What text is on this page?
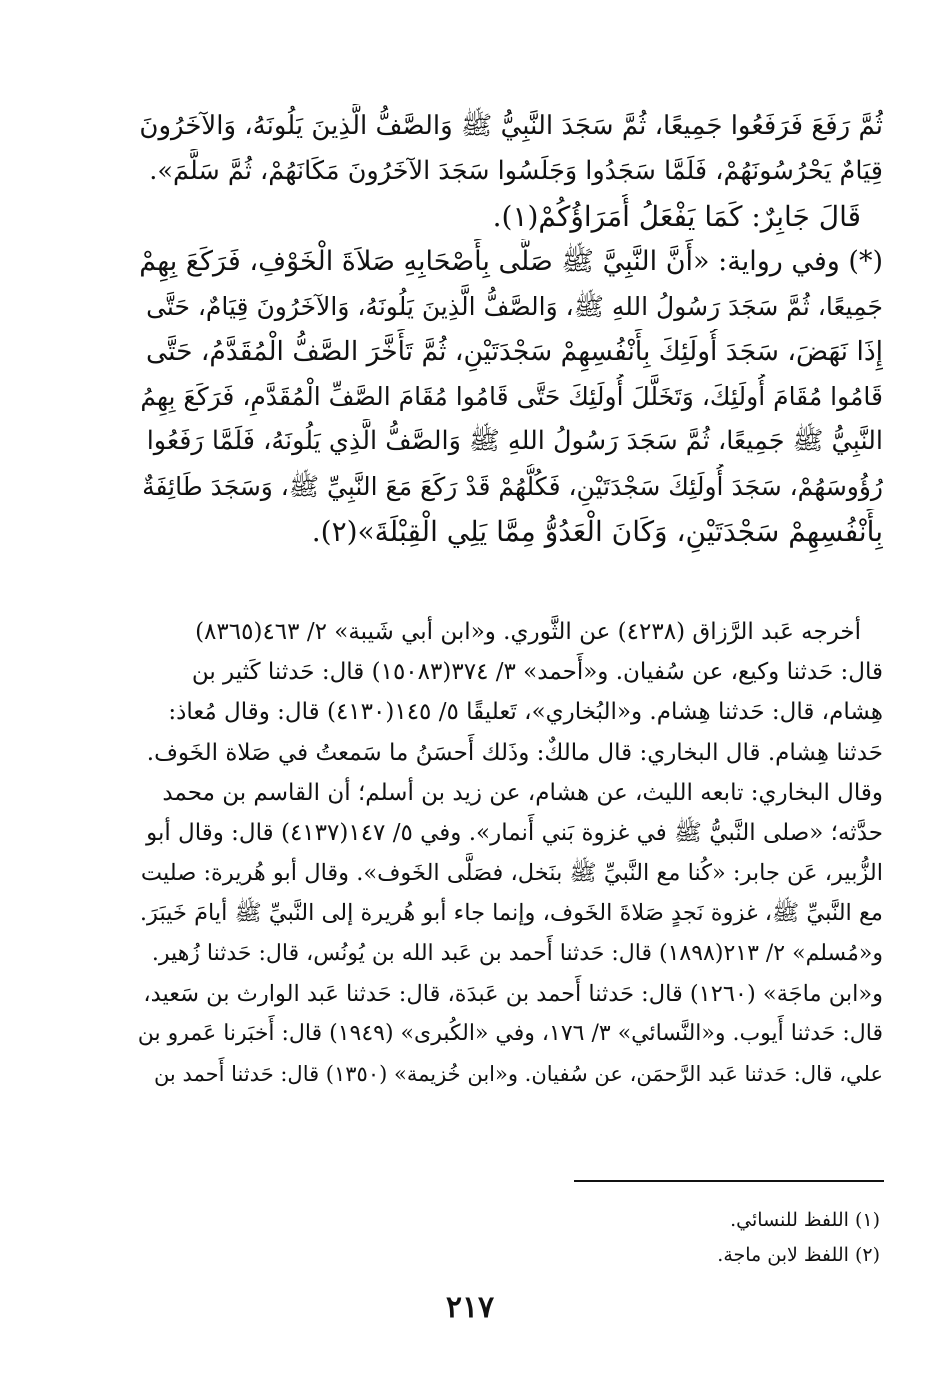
ثُمَّ رَفَعَ فَرَفَعُوا جَمِيعًا، ثُمَّ سَجَدَ النَّبِيُّ ﷺ وَالصَّفُّ الَّذِينَ يَلُونَهُ، وَالآخَرُونَ
قِيَامٌ يَحْرُسُونَهُمْ، فَلَمَّا سَجَدُوا وَجَلَسُوا سَجَدَ الآخَرُونَ مَكَانَهُمْ، ثُمَّ سَلَّمَ».
قَالَ جَابِرٌ: كَمَا يَفْعَلُ أُمَرَاؤُكُمْ(١).
(*) وفي رواية: «أَنَّ النَّبِيَّ ﷺ صَلَّى بِأَصْحَابِهِ صَلاَةَ الْخَوْفِ، فَرَكَعَ بِهِمْ
جَمِيعًا، ثُمَّ سَجَدَ رَسُولُ اللهِ ﷺ، وَالصَّفُّ الَّذِينَ يَلُونَهُ، وَالآخَرُونَ قِيَامٌ، حَتَّى
إِذَا نَهَضَ، سَجَدَ أُولَئِكَ بِأَنْفُسِهِمْ سَجْدَتَيْنِ، ثُمَّ تَأَخَّرَ الصَّفُّ الْمُقَدَّمُ، حَتَّى
قَامُوا مُقَامَ أُولَئِكَ، وَتَخَلَّلَ أُولَئِكَ حَتَّى قَامُوا مُقَامَ الصَّفِّ الْمُقَدَّمِ، فَرَكَعَ بِهِمُ
النَّبِيُّ ﷺ جَمِيعًا، ثُمَّ سَجَدَ رَسُولُ اللهِ ﷺ وَالصَّفُّ الَّذِي يَلُونَهُ، فَلَمَّا رَفَعُوا
رُؤُوسَهُمْ، سَجَدَ أُولَئِكَ سَجْدَتَيْنِ، فَكُلُّهُمْ قَدْ رَكَعَ مَعَ النَّبِيِّ ﷺ، وَسَجَدَ طَائِفَةٌ
بِأَنْفُسِهِمْ سَجْدَتَيْنِ، وَكَانَ الْعَدُوُّ مِمَّا يَلِي الْقِبْلَةَ»(٢).
أخرجه عَبد الرَّزاق (٤٢٣٨) عن الثَّوري. و«ابن أبي شَيبة» ٢/ ٤٦٣(٨٣٦٥)
قال: حَدثنا وكيع، عن سُفيان. و«أَحمد» ٣/ ٣٧٤(١٥٠٨٣) قال: حَدثنا كَثير بن
هِشام، قال: حَدثنا هِشام. و«البُخاري»، تَعليقًا ٥/ ١٤٥(٤١٣٠) قال: وقال مُعاذ:
حَدثنا هِشام. قال البخاري: قال مالكٌ: وذَلك أَحسَنُ ما سَمعتُ في صَلاة الخَوف.
وقال البخاري: تابعه الليث، عن هشام، عن زيد بن أسلم؛ أن القاسم بن محمد
حدَّثه؛ «صلى النَّبيُّ ﷺ في غزوة بَني أَنمار». وفي ٥/ ١٤٧(٤١٣٧) قال: وقال أبو
الزُّبير، عَن جابر: «كُنا مع النَّبيِّ ﷺ بنَخل، فصَلَّى الخَوف». وقال أبو هُريرة: صليت
مع النَّبيِّ ﷺ، غزوة نَجدٍ صَلاةَ الخَوف، وإنما جاء أبو هُريرة إلى النَّبيِّ ﷺ أيامَ خَيبَرَ.
و«مُسلم» ٢/ ٢١٣(١٨٩٨) قال: حَدثنا أَحمد بن عَبد الله بن يُونُس، قال: حَدثنا زُهير.
و«ابن ماجَة» (١٢٦٠) قال: حَدثنا أَحمد بن عَبدَة، قال: حَدثنا عَبد الوارث بن سَعيد،
قال: حَدثنا أَيوب. و«النَّسائي» ٣/ ١٧٦، وفي «الكُبرى» (١٩٤٩) قال: أَخبَرنا عَمرو بن
علي، قال: حَدثنا عَبد الرَّحمَن، عن سُفيان. و«ابن خُزيمة» (١٣٥٠) قال: حَدثنا أَحمد بن
(١) اللفظ للنسائي.
(٢) اللفظ لابن ماجة.
٢١٧
